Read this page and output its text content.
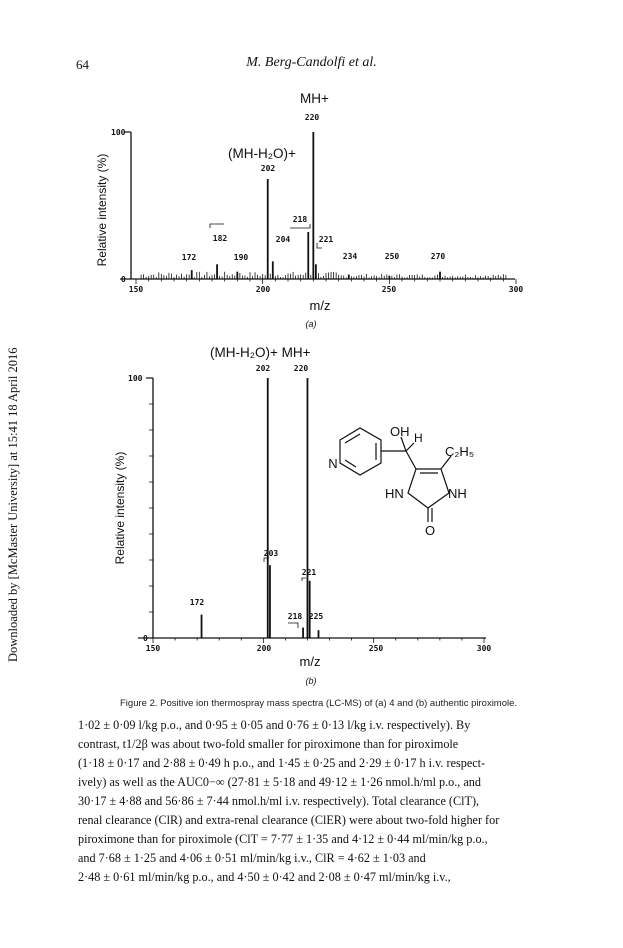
64	M. Berg-Candolfi et al.
Downloaded by [McMaster University] at 15:41 18 April 2016
100
0
150	200	250	300
m/z
Relative intensity (%)
MH+
(MH-H₂O)+
172
182
190
202
204
218
220
221
234	250	270
(a)
100
0
150	200	250	300
m/z
Relative intensity (%)
(MH-H₂O)+ MH+
172
202
203
218
220
221
225
(b)
OH H
C₂H₅
N
HN	NH
O
Figure 2. Positive ion thermospray mass spectra (LC-MS) of (a) 4 and (b) authentic piroximole.

1·02 ± 0·09 l/kg p.o., and 0·95 ± 0·05 and 0·76 ± 0·13 l/kg i.v. respectively). By

contrast, t1/2β was about two-fold smaller for piroximone than for piroximole

(1·18 ± 0·17 and 2·88 ± 0·49 h p.o., and 1·45 ± 0·25 and 2·29 ± 0·17 h i.v. respect-

ively) as well as the AUC0−∞ (27·81 ± 5·18 and 49·12 ± 1·26 nmol.h/ml p.o., and

30·17 ± 4·88 and 56·86 ± 7·44 nmol.h/ml i.v. respectively). Total clearance (ClT),

renal clearance (ClR) and extra-renal clearance (ClER) were about two-fold higher for

piroximone than for piroximole (ClT = 7·77 ± 1·35 and 4·12 ± 0·44 ml/min/kg p.o.,

and 7·68 ± 1·25 and 4·06 ± 0·51 ml/min/kg i.v., ClR = 4·62 ± 1·03 and

2·48 ± 0·61 ml/min/kg p.o., and 4·50 ± 0·42 and 2·08 ± 0·47 ml/min/kg i.v.,
